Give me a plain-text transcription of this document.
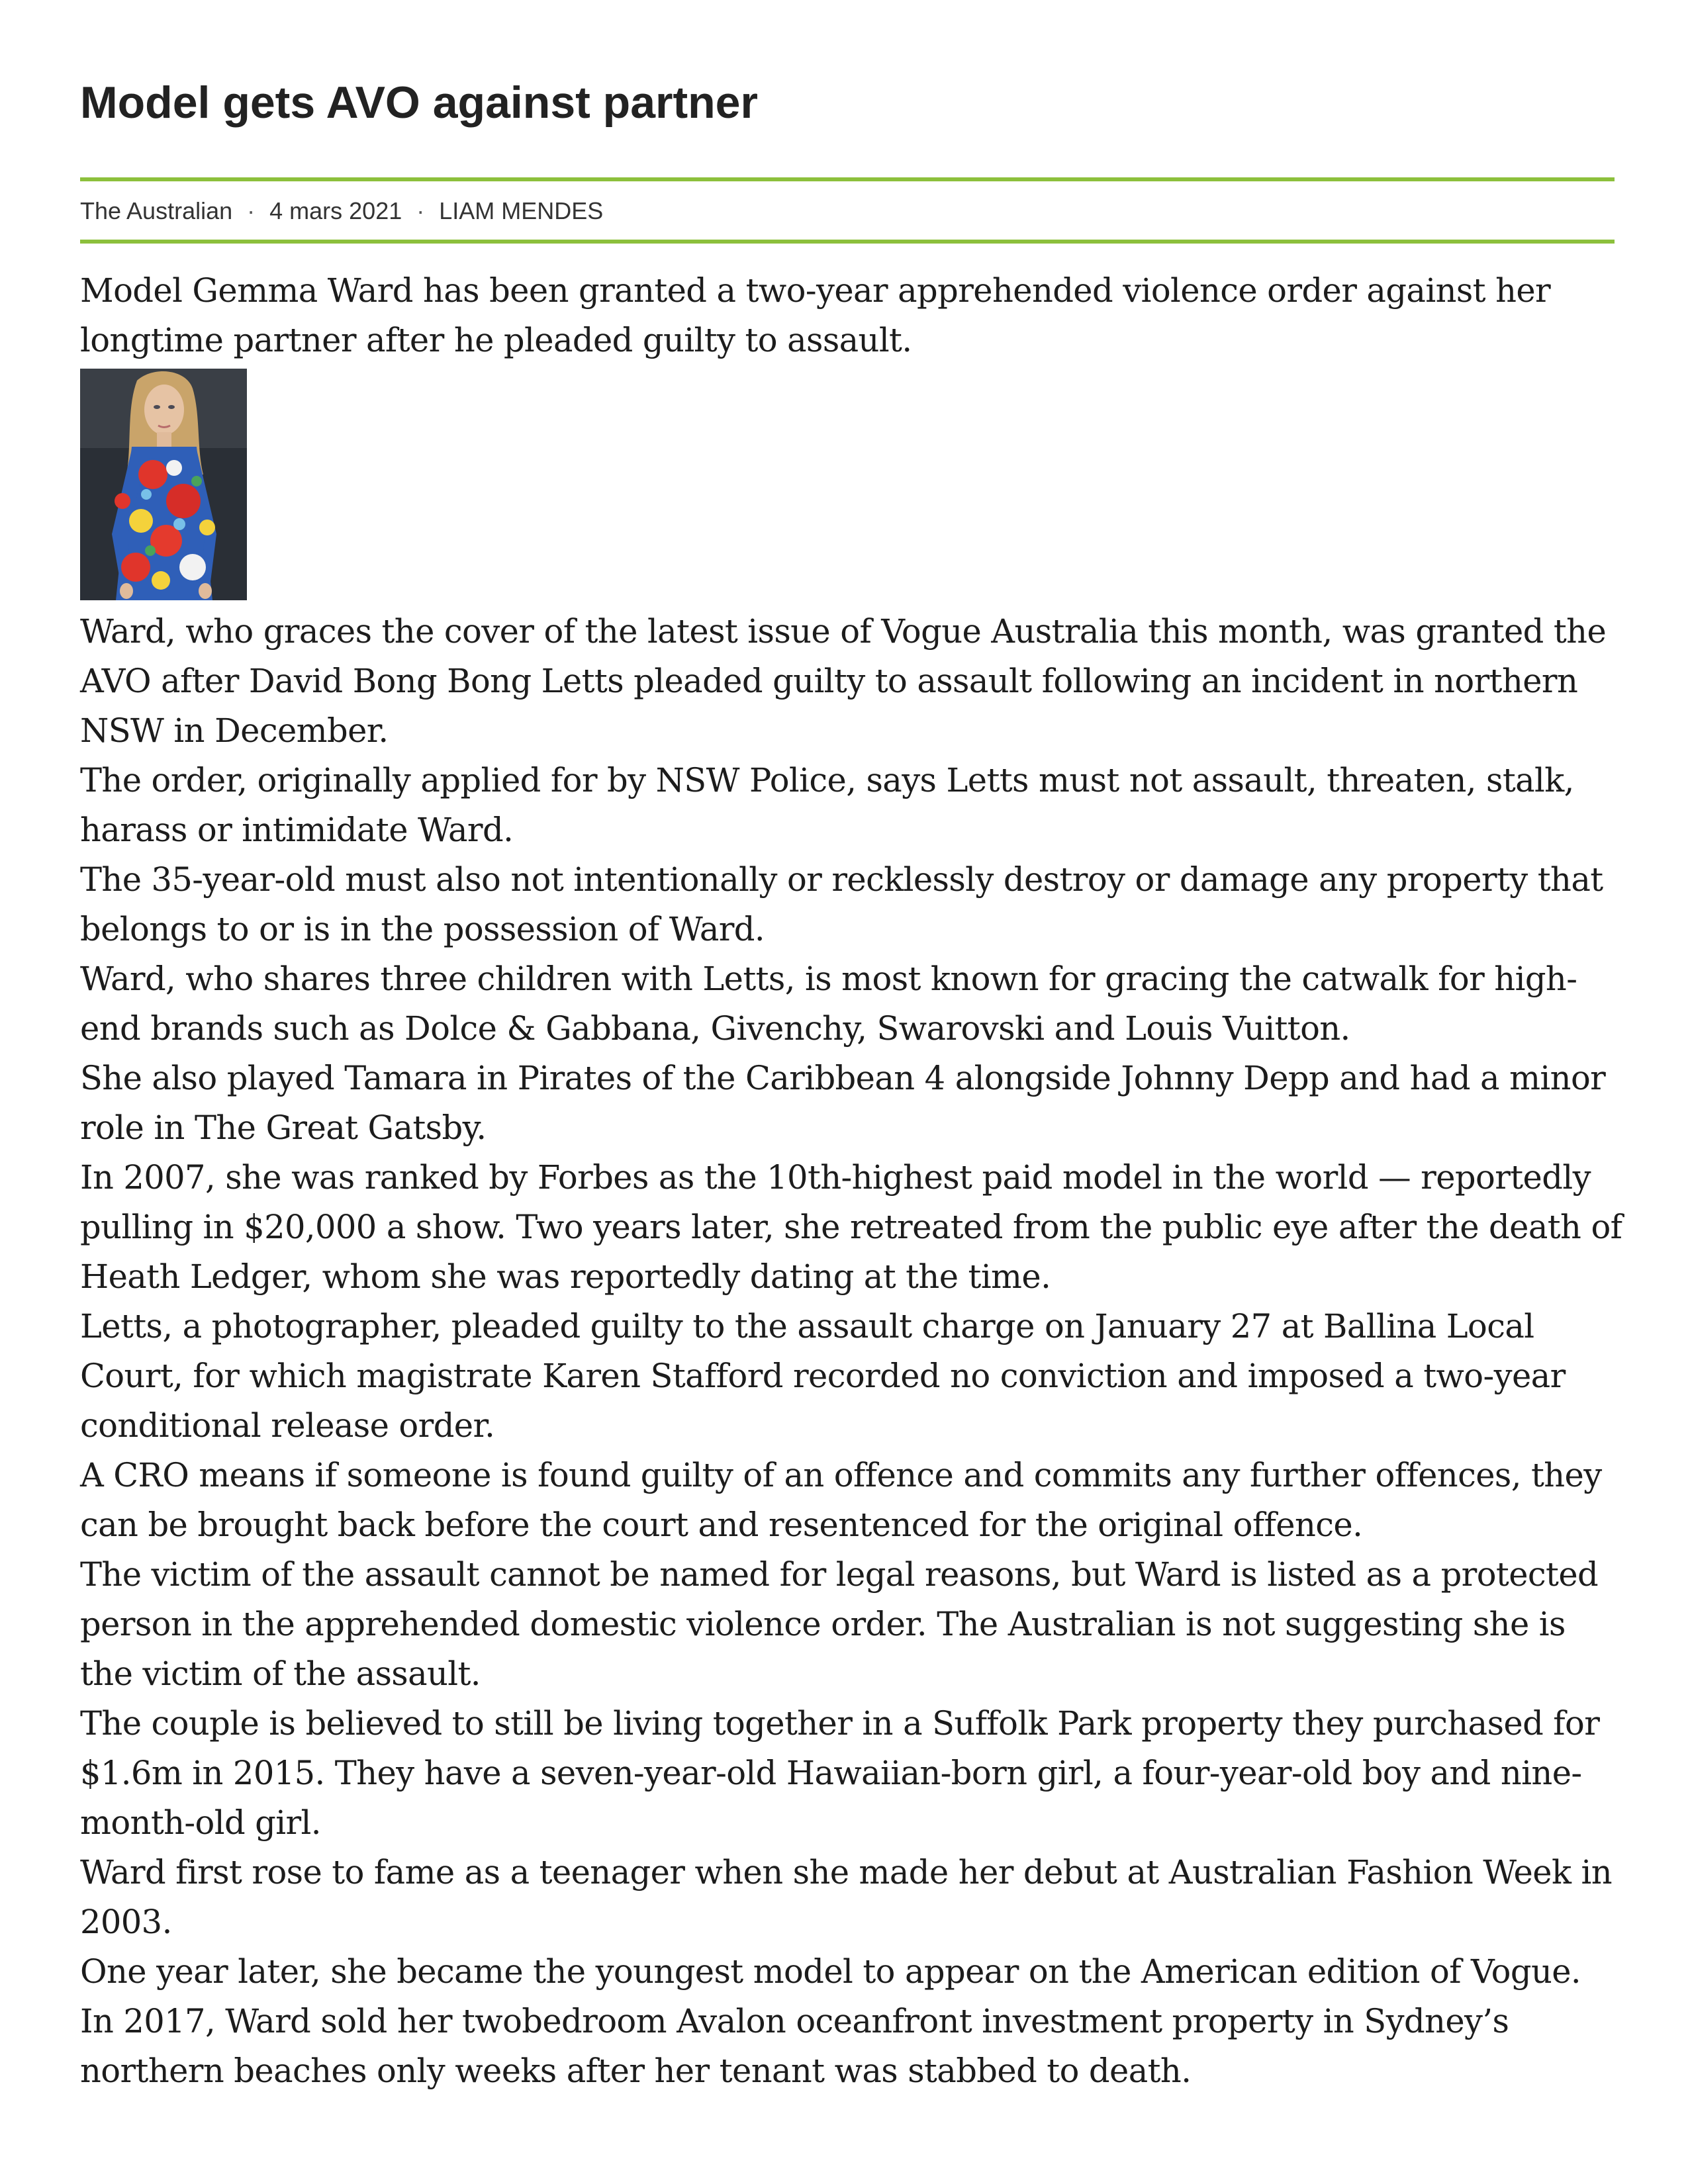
Model gets AVO against partner
The Australian · 4 mars 2021 · LIAM MENDES

Model Gemma Ward has been granted a two-year apprehended violence order against her longtime partner after he pleaded guilty to assault.

Ward, who graces the cover of the latest issue of Vogue Australia this month, was granted the AVO after David Bong Bong Letts pleaded guilty to assault following an incident in northern NSW in December.

The order, originally applied for by NSW Police, says Letts must not assault, threaten, stalk, harass or intimidate Ward.

The 35-year-old must also not intentionally or recklessly destroy or damage any property that belongs to or is in the possession of Ward.

Ward, who shares three children with Letts, is most known for gracing the catwalk for high-end brands such as Dolce & Gabbana, Givenchy, Swarovski and Louis Vuitton.

She also played Tamara in Pirates of the Caribbean 4 alongside Johnny Depp and had a minor role in The Great Gatsby.

In 2007, she was ranked by Forbes as the 10th-highest paid model in the world — reportedly pulling in $20,000 a show. Two years later, she retreated from the public eye after the death of Heath Ledger, whom she was reportedly dating at the time.

Letts, a photographer, pleaded guilty to the assault charge on January 27 at Ballina Local Court, for which magistrate Karen Stafford recorded no conviction and imposed a two-year conditional release order.

A CRO means if someone is found guilty of an offence and commits any further offences, they can be brought back before the court and resentenced for the original offence.

The victim of the assault cannot be named for legal reasons, but Ward is listed as a protected person in the apprehended domestic violence order. The Australian is not suggesting she is the victim of the assault.

The couple is believed to still be living together in a Suffolk Park property they purchased for $1.6m in 2015. They have a seven-year-old Hawaiian-born girl, a four-year-old boy and nine-month-old girl.

Ward first rose to fame as a teenager when she made her debut at Australian Fashion Week in 2003.

One year later, she became the youngest model to appear on the American edition of Vogue.

In 2017, Ward sold her twobedroom Avalon oceanfront investment property in Sydney’s northern beaches only weeks after her tenant was stabbed to death.
